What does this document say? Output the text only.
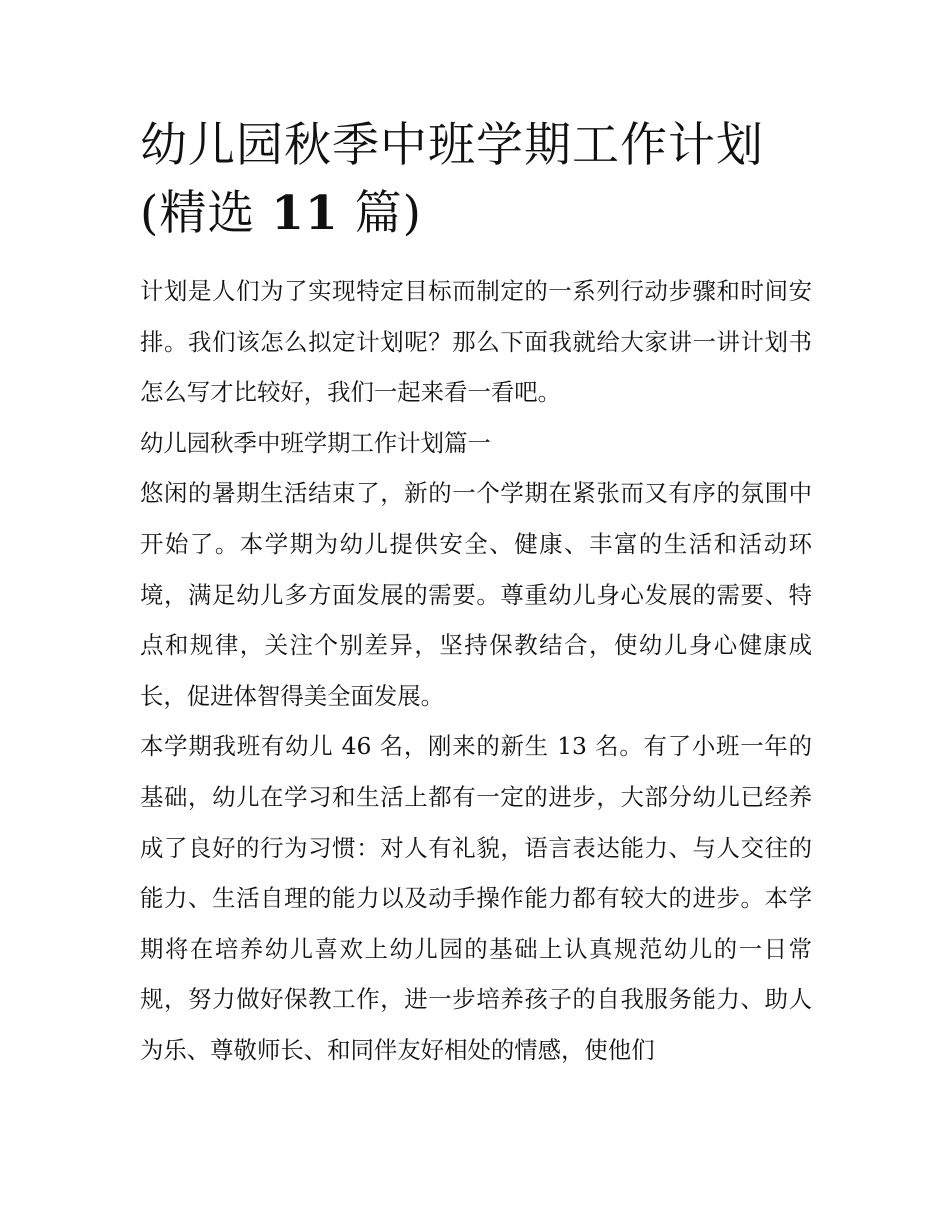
幼儿园秋季中班学期工作计划
(精选 11 篇)

计划是人们为了实现特定目标而制定的一系列行动步骤和时间安排。我们该怎么拟定计划呢？那么下面我就给大家讲一讲计划书怎么写才比较好，我们一起来看一看吧。

幼儿园秋季中班学期工作计划篇一

悠闲的暑期生活结束了，新的一个学期在紧张而又有序的氛围中开始了。本学期为幼儿提供安全、健康、丰富的生活和活动环境，满足幼儿多方面发展的需要。尊重幼儿身心发展的需要、特点和规律，关注个别差异，坚持保教结合，使幼儿身心健康成长，促进体智得美全面发展。

本学期我班有幼儿 46 名，刚来的新生 13 名。有了小班一年的基础，幼儿在学习和生活上都有一定的进步，大部分幼儿已经养成了良好的行为习惯：对人有礼貌，语言表达能力、与人交往的能力、生活自理的能力以及动手操作能力都有较大的进步。本学期将在培养幼儿喜欢上幼儿园的基础上认真规范幼儿的一日常规，努力做好保教工作，进一步培养孩子的自我服务能力、助人为乐、尊敬师长、和同伴友好相处的情感，使他们
